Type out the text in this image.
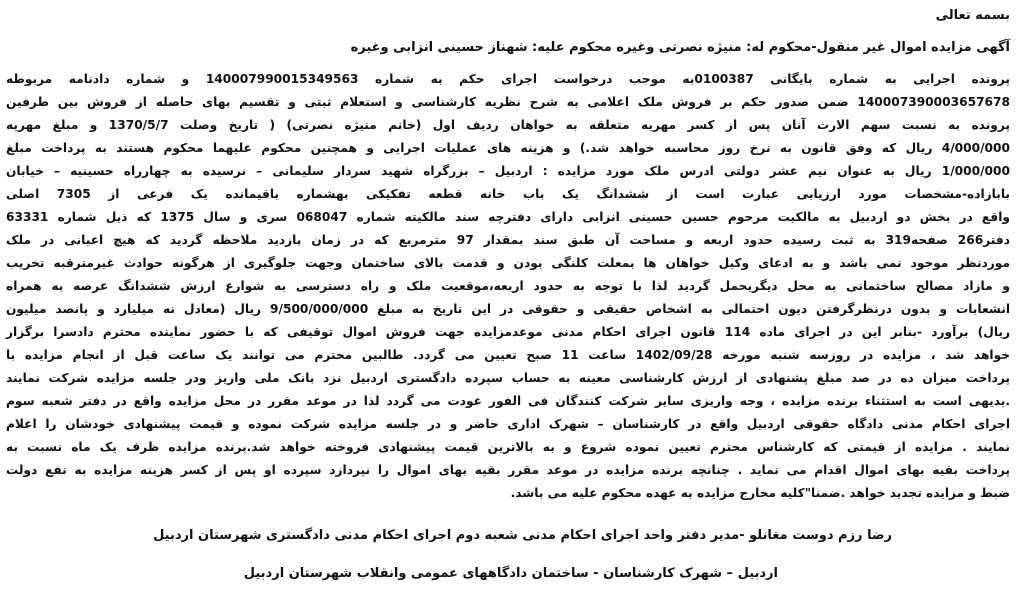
بسمه تعالی
آگهی مزایده اموال غیر منقول-محکوم له: منیژه نصرتی وغیره محکوم علیه: شهناز حسینی انزابی وغیره
پرونده اجرایی به شماره بایگانی 0100387به موجب درخواست اجرای حکم به شماره 14000799001534956‌3 و شماره دادنامه مربوطه
140007390003657678 ضمن صدور حکم بر فروش ملک اعلامی به شرح نظریه کارشناسی و استعلام ثبتی و تقسیم بهای حاصله از فروش بین طرفین
پرونده به نسبت سهم الارث آنان پس از کسر مهریه متعلقه به خواهان ردیف اول (خانم منیژه نصرتی) ( تاریخ وصلت 1370/5/7 و مبلغ مهریه
4/000/000 ریال که وفق قانون به نرخ روز محاسبه خواهد شد.) و هزینه های عملیات اجرایی و همچنین محکوم علیهما محکوم هستند به پرداخت مبلغ
1/000/000 ریال به عنوان نیم عشر دولتی ادرس ملک مورد مزایده : اردبیل – بزرگراه شهید سردار سلیمانی – نرسیده به چهارراه حسینیه – خیابان
بابازاده-مشخصات مورد ارزیابی عبارت است از ششدانگ یک باب خانه قطعه تفکیکی بهشماره باقیمانده یک فرعی از 7305 اصلی
واقع در بخش دو اردبیل به مالکیت مرحوم حسین حسینی انزابی دارای دفترچه سند مالکیته شماره 068047 سری و سال 1375 که ذیل شماره 63331
دفتر266 صفحه319 به ثبت رسیده حدود اربعه و مساحت آن طبق سند بمقدار 97 مترمربع که در زمان بازدید ملاحظه گردید که هیچ اعیانی در ملک
موردنظر موجود نمی باشد و به ادعای وکیل خواهان ها بمعلت کلنگی بودن و قدمت بالای ساختمان وجهت جلوگیری از هرگونه حوادث غیرمترقبه تخریب
و مازاد مصالح ساختمانی به محل دیگریحمل گردید لذا با توجه به حدود اربعه،موقعیت ملک و راه دسترسی به شوارع ارزش ششدانگ عرصه به همراه
انشعابات و بدون درنظرگرفتن دیون احتمالی به اشخاص حقیقی و حقوقی در این تاریخ به مبلغ 9/500/000/000 ریال (معادل نه میلیارد و پانصد میلیون
ریال) برآورد -بنابر این در اجرای ماده 114 قانون اجرای احکام مدنی موعدمزایده جهت فروش اموال توقیفی که با حضور نماینده محترم دادسرا برگزار
خواهد شد ، مزایده در روزسه شنبه مورخه 1402/09/28 ساعت 11 صبح تعیین می گردد. طالبین محترم می توانند یک ساعت قبل از انجام مزایده با
پرداخت میزان ده در صد مبلغ پشنهادی از ارزش کارشناسی معینه به حساب سپرده دادگستری اردبیل نزد بانک ملی واریز ودر جلسه مزایده شرکت نمایند
.بدیهی است به استثناء برنده مزایده ، وجه واریزی سایر شرکت کنندگان فی الفور عودت می گردد لذا در موعد مقرر در محل مزایده واقع در دفتر شعبه سوم
اجرای احکام مدنی دادگاه حقوقی اردبیل واقع در کارشناسان – شهرک اداری حاضر و در جلسه مزایده شرکت نموده و قیمت پیشنهادی خودشان را اعلام
نمایند . مزایده از قیمتی که کارشناس محترم تعیین نموده شروع و به بالاترین قیمت پیشنهادی فروخته خواهد شد.برنده مزایده ظرف یک ماه نسبت به
پرداخت بقیه بهای اموال اقدام می نماید . چنانچه برنده مزایده در موعد مقرر بقیه بهای اموال را نپردازد سپرده او پس از کسر هزینه مزایده به نفع دولت
ضبط و مزایده تجدید خواهد .ضمنا"کلیه مخارج مزایده به عهده محکوم علیه می باشد.
رضا رزم دوست مغانلو -مدیر دفتر واحد اجرای احکام مدنی شعبه دوم اجرای احکام مدنی دادگستری شهرستان اردبیل
اردبیل – شهرک کارشناسان - ساختمان دادگاههای عمومی وانقلاب شهرستان اردبیل
